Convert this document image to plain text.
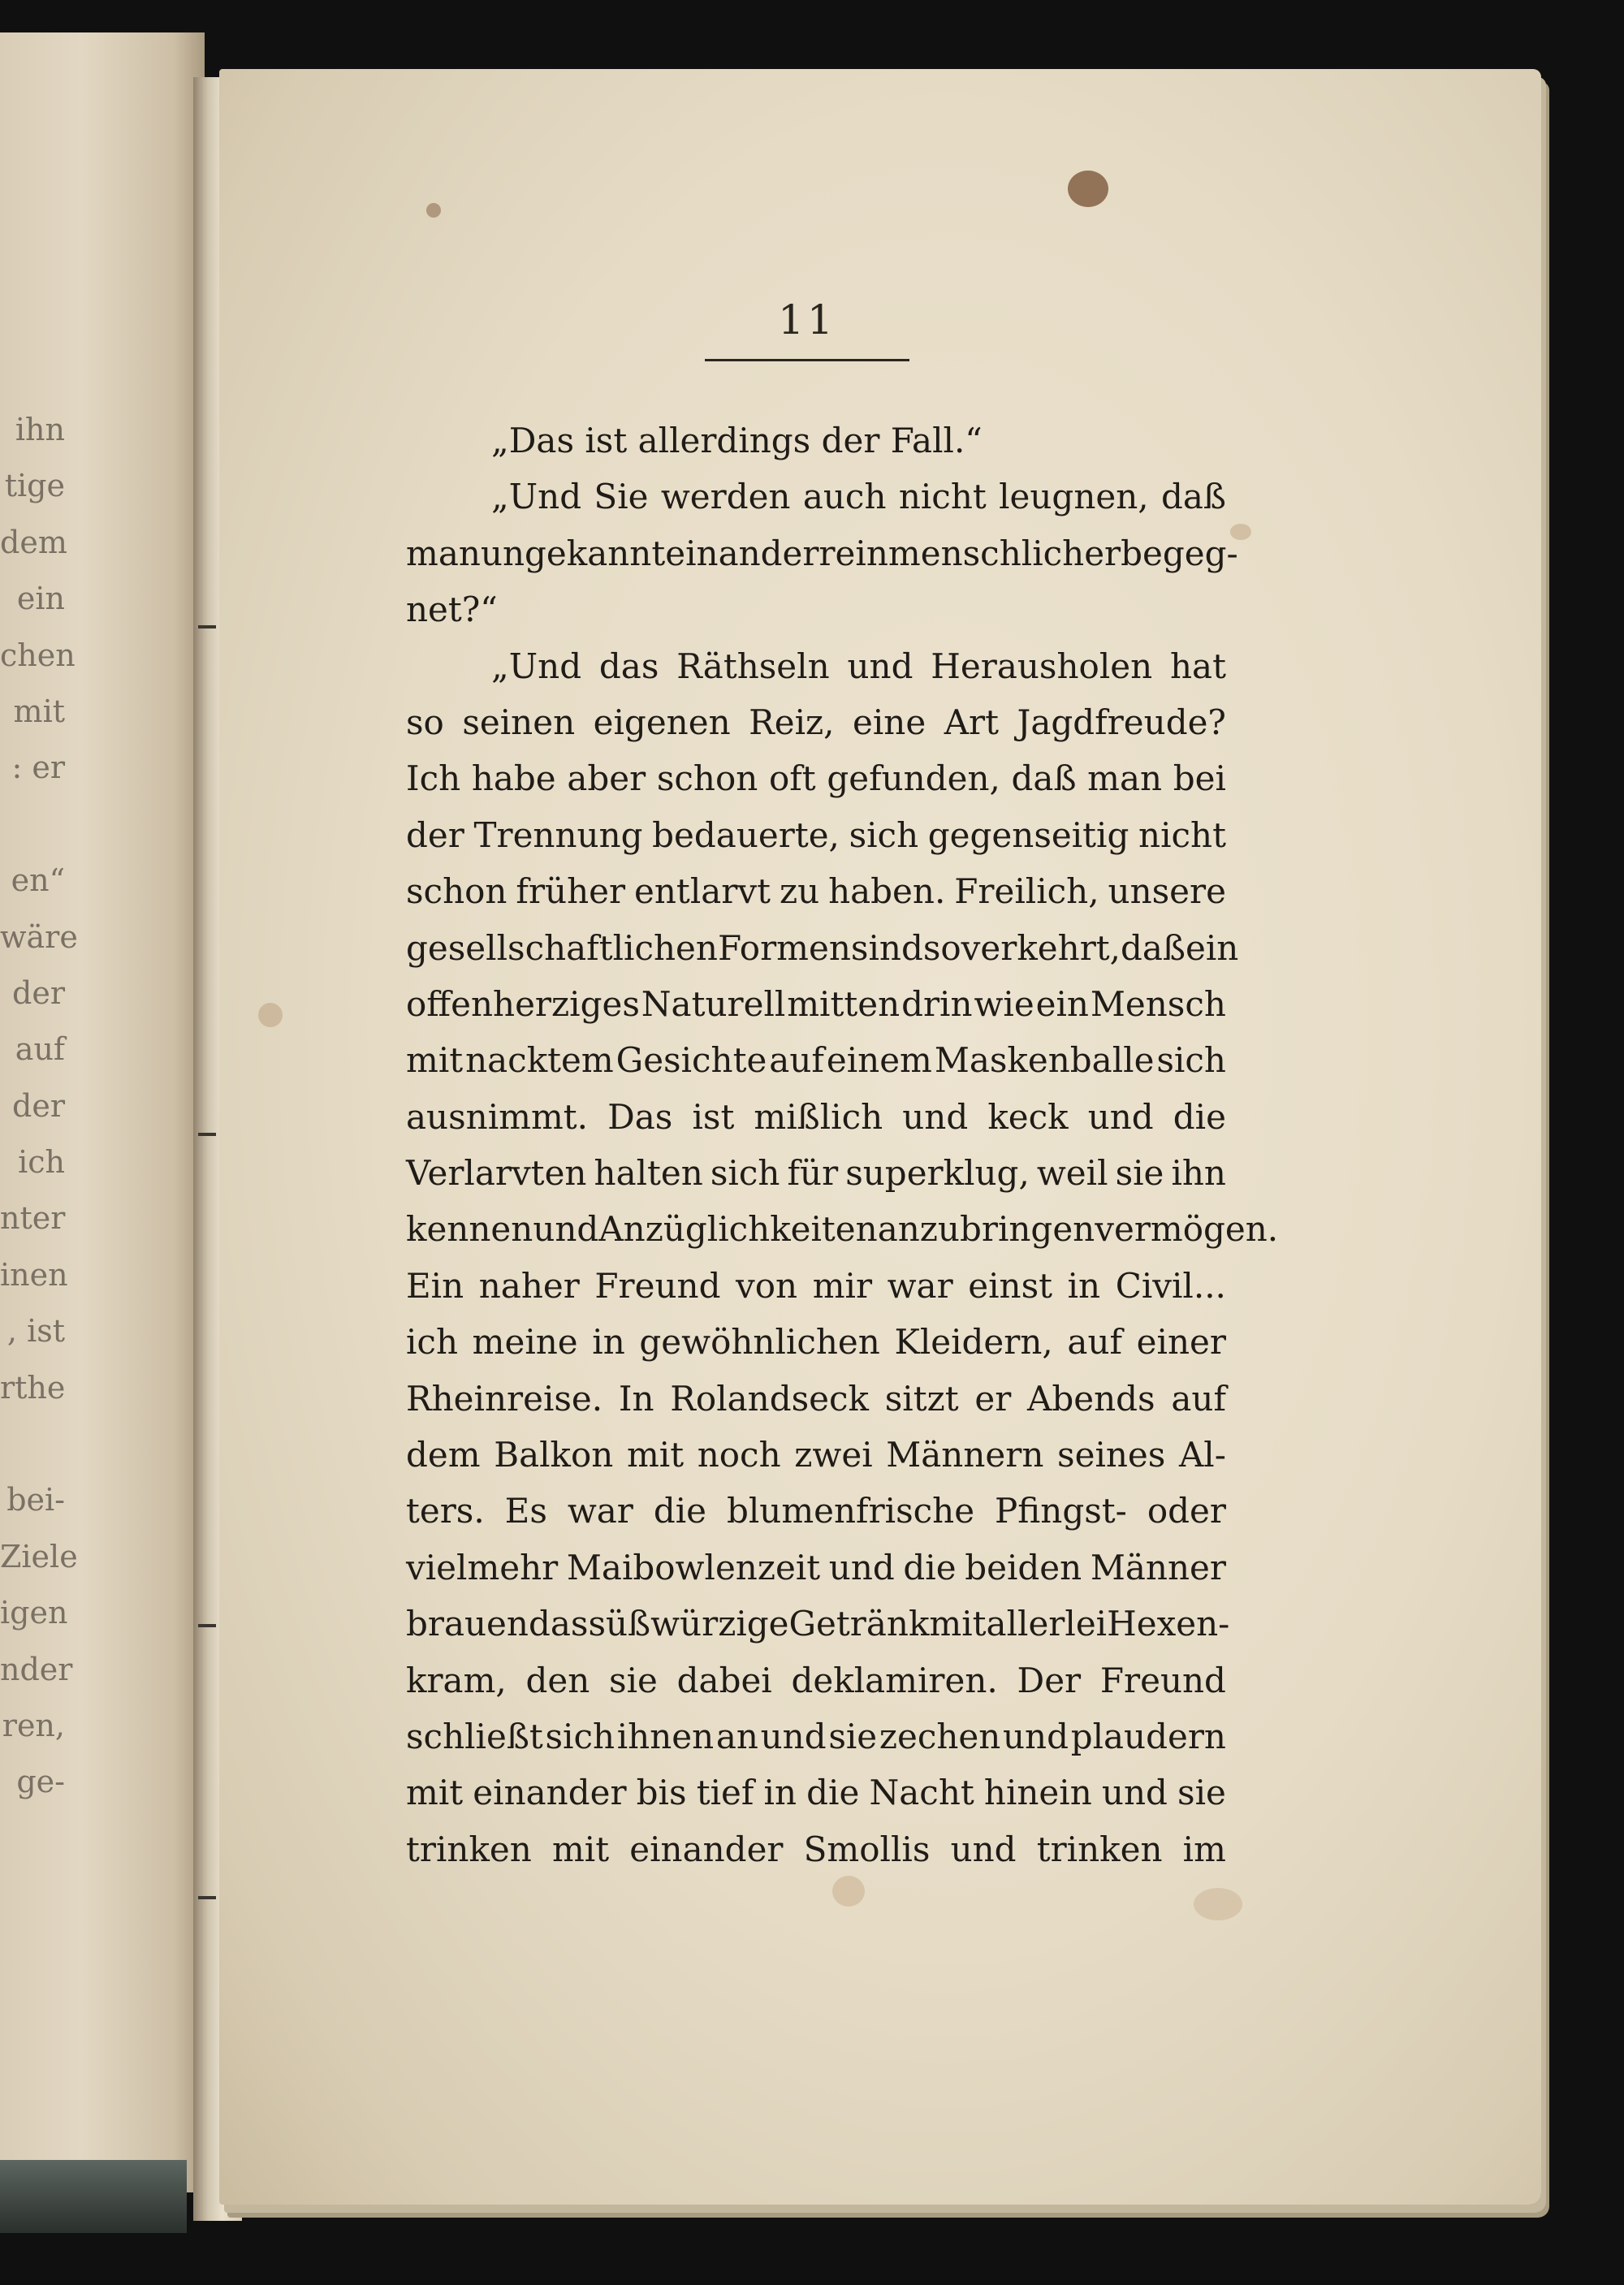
ihn
tige
dem
ein
chen
mit
: er
en“
wäre
der
auf
der
ich
nter
inen
, ist
rthe
bei-
Ziele
igen
nder
ren,
ge-
11
„Das ist allerdings der Fall.“
„Und Sie werden auch nicht leugnen, daß
man ungekannt einander reinmenschlicher begeg-
net?“
„Und das Räthseln und Herausholen hat
so seinen eigenen Reiz, eine Art Jagdfreude?
Ich habe aber schon oft gefunden, daß man bei
der Trennung bedauerte, sich gegenseitig nicht
schon früher entlarvt zu haben. Freilich, unsere
gesellschaftlichen Formen sind so verkehrt, daß ein
offenherziges Naturell mitten drin wie ein Mensch
mit nacktem Gesichte auf einem Maskenballe sich
ausnimmt. Das ist mißlich und keck und die
Verlarvten halten sich für superklug, weil sie ihn
kennen und Anzüglichkeiten anzubringen vermögen.
Ein naher Freund von mir war einst in Civil...
ich meine in gewöhnlichen Kleidern, auf einer
Rheinreise. In Rolandseck sitzt er Abends auf
dem Balkon mit noch zwei Männern seines Al-
ters. Es war die blumenfrische Pfingst- oder
vielmehr Maibowlenzeit und die beiden Männer
brauen das süßwürzige Getränk mit allerlei Hexen-
kram, den sie dabei deklamiren. Der Freund
schließt sich ihnen an und sie zechen und plaudern
mit einander bis tief in die Nacht hinein und sie
trinken mit einander Smollis und trinken im
